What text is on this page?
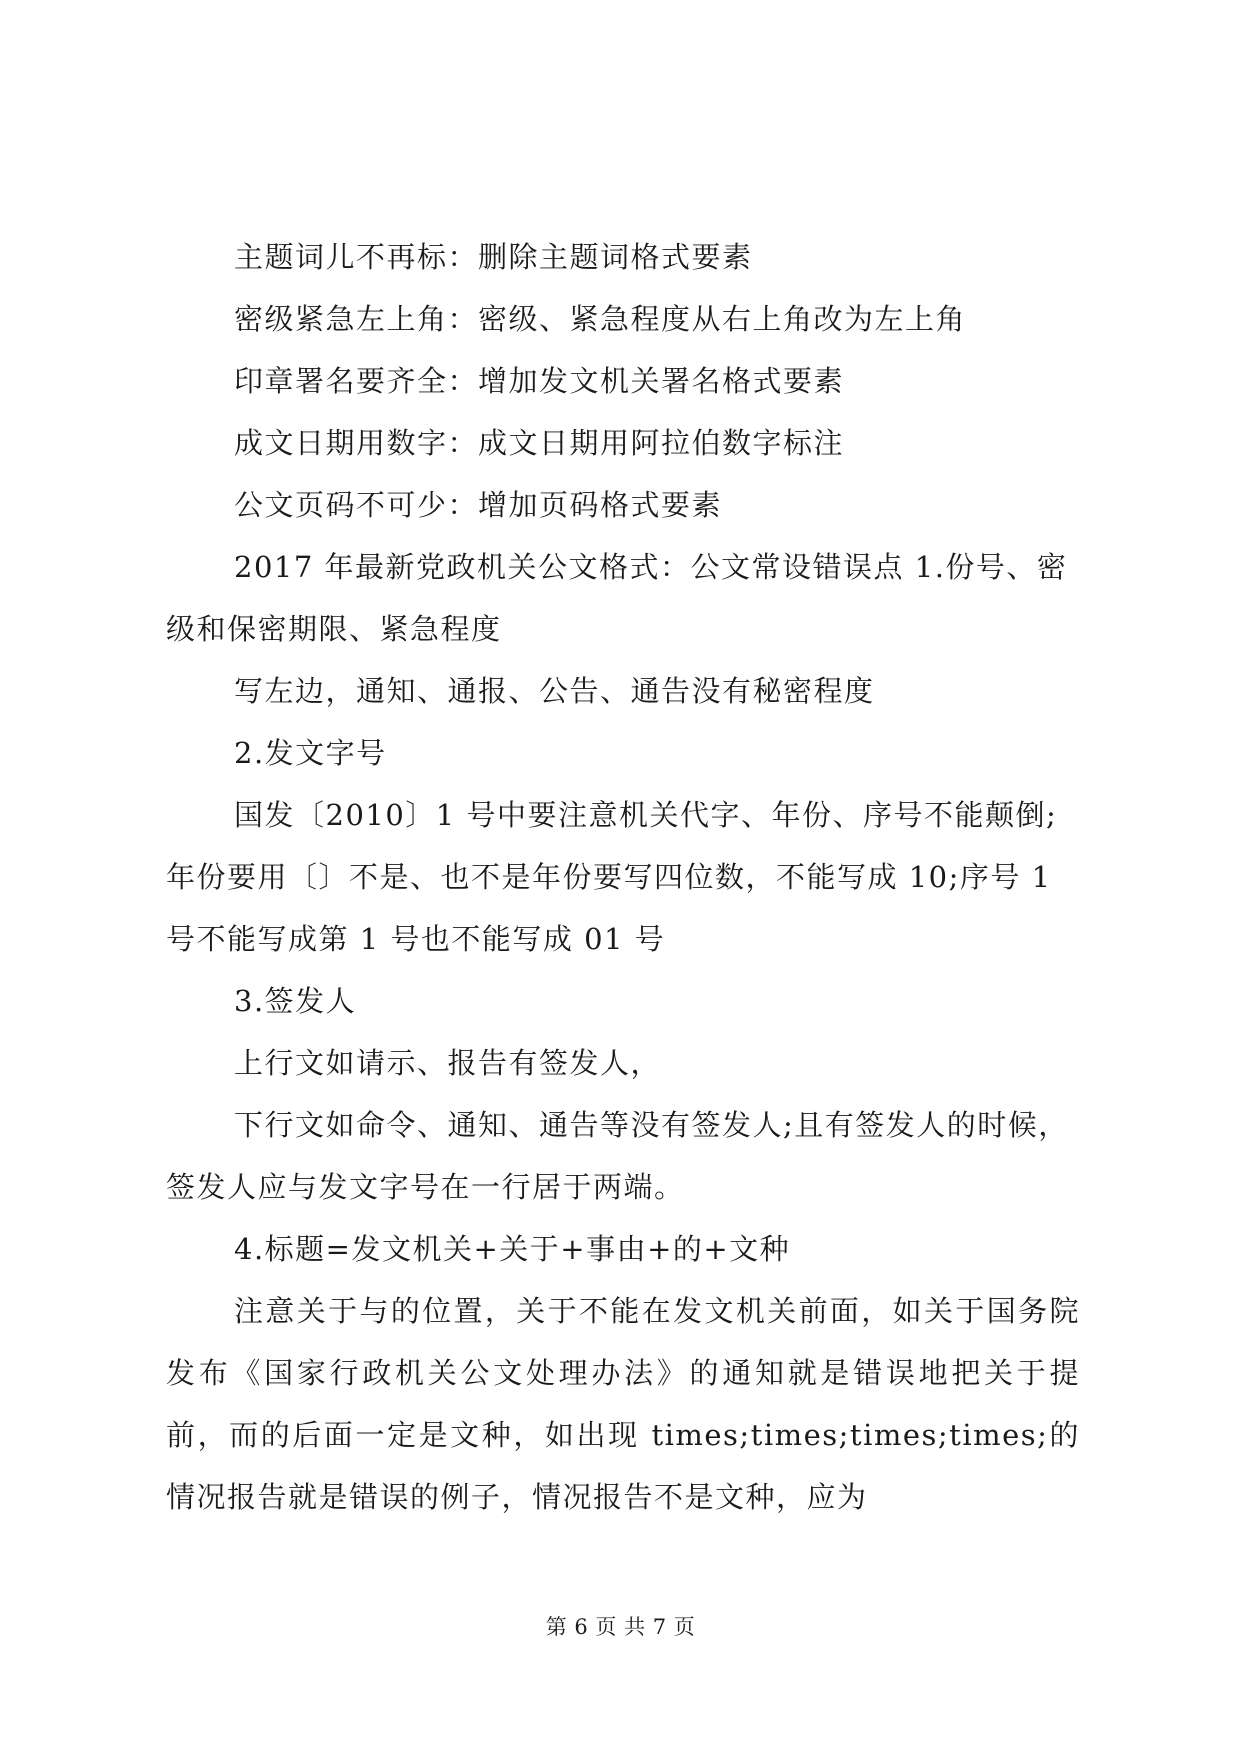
主题词儿不再标：删除主题词格式要素

密级紧急左上角：密级、紧急程度从右上角改为左上角

印章署名要齐全：增加发文机关署名格式要素

成文日期用数字：成文日期用阿拉伯数字标注

公文页码不可少：增加页码格式要素

2017 年最新党政机关公文格式：公文常设错误点 1.份号、密级和保密期限、紧急程度

写左边，通知、通报、公告、通告没有秘密程度

2.发文字号

国发〔2010〕1 号中要注意机关代字、年份、序号不能颠倒;年份要用〔〕不是、也不是年份要写四位数，不能写成 10;序号 1 号不能写成第 1 号也不能写成 01 号

3.签发人

上行文如请示、报告有签发人，

下行文如命令、通知、通告等没有签发人;且有签发人的时候，签发人应与发文字号在一行居于两端。

4.标题=发文机关+关于+事由+的+文种

注意关于与的位置，关于不能在发文机关前面，如关于国务院发布《国家行政机关公文处理办法》的通知就是错误地把关于提前，而的后面一定是文种，如出现 times;times;times;times;的情况报告就是错误的例子，情况报告不是文种，应为

第 6 页 共 7 页
